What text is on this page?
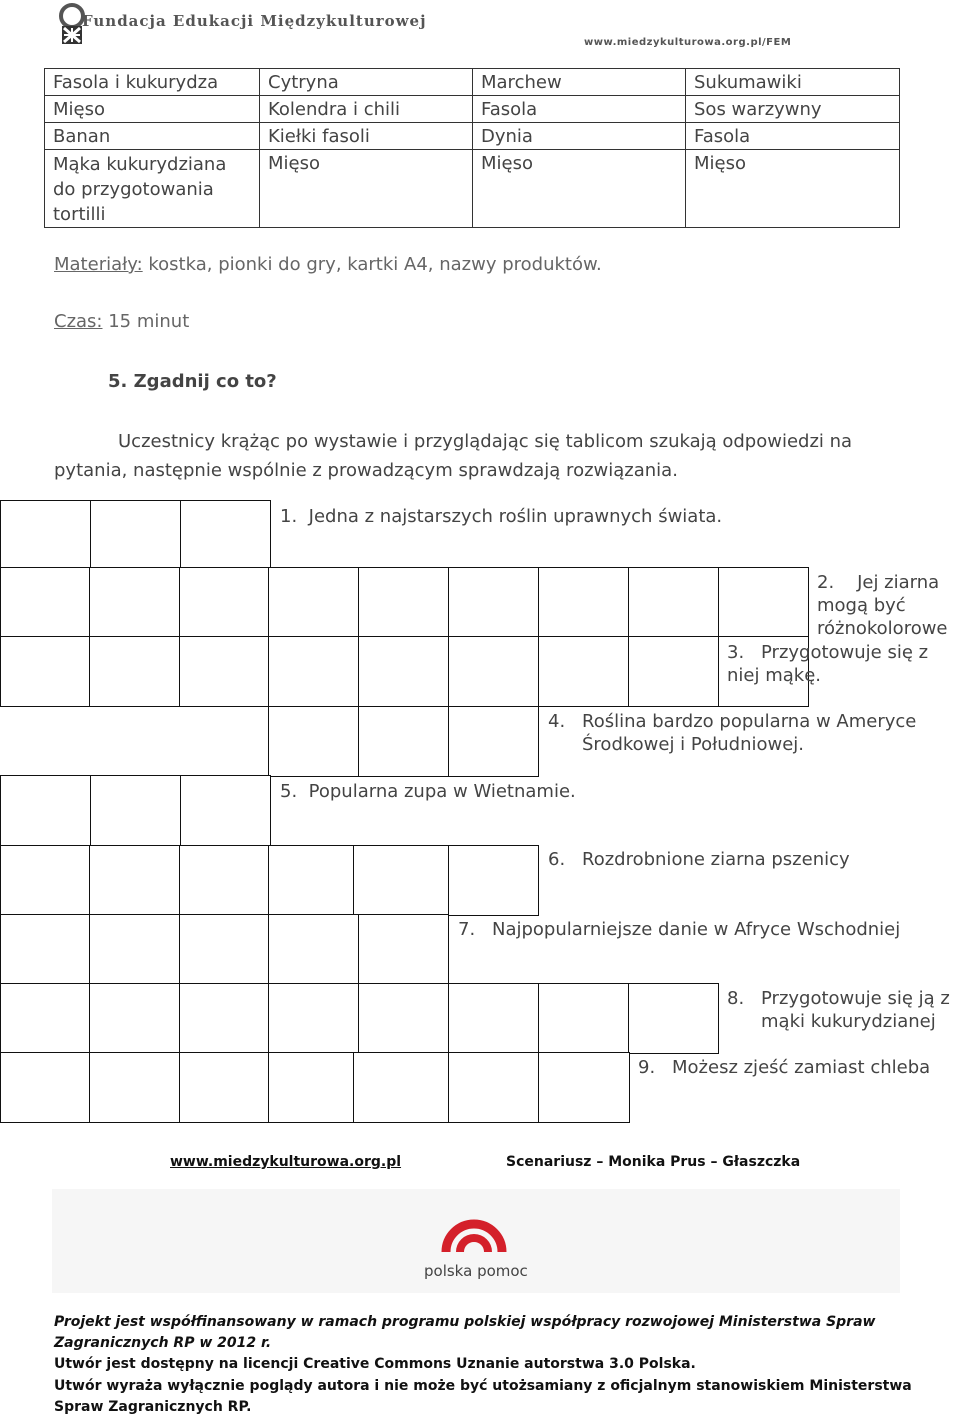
Fundacja Edukacji Międzykulturowej
www.miedzykulturowa.org.pl/FEM
Fasola i kukurydza	Cytryna	Marchew	Sukumawiki
Mięso	Kolendra i chili	Fasola	Sos warzywny
Banan	Kiełki fasoli	Dynia	Fasola
Mąka kukurydziana do przygotowania tortilli	Mięso	Mięso	Mięso
Materiały: kostka, pionki do gry, kartki A4, nazwy produktów.
Czas: 15 minut
5. Zgadnij co to?
Uczestnicy krążąc po wystawie i przyglądając się tablicom szukają odpowiedzi na pytania, następnie wspólnie z prowadzącym sprawdzają rozwiązania.
1. Jedna z najstarszych roślin uprawnych świata.
2. Jej ziarna mogą być różnokolorowe
3. Przygotowuje się z niej mąkę.
4. Roślina bardzo popularna w Ameryce Środkowej i Południowej.
5. Popularna zupa w Wietnamie.
6. Rozdrobnione ziarna pszenicy
7. Najpopularniejsze danie w Afryce Wschodniej
8. Przygotowuje się ją z mąki kukurydzianej
9. Możesz zjeść zamiast chleba
www.miedzykulturowa.org.pl	Scenariusz – Monika Prus – Głaszczka
polska pomoc
Projekt jest współfinansowany w ramach programu polskiej współpracy rozwojowej Ministerstwa Spraw Zagranicznych RP w 2012 r.
Utwór jest dostępny na licencji Creative Commons Uznanie autorstwa 3.0 Polska.
Utwór wyraża wyłącznie poglądy autora i nie może być utożsamiany z oficjalnym stanowiskiem Ministerstwa Spraw Zagranicznych RP.
